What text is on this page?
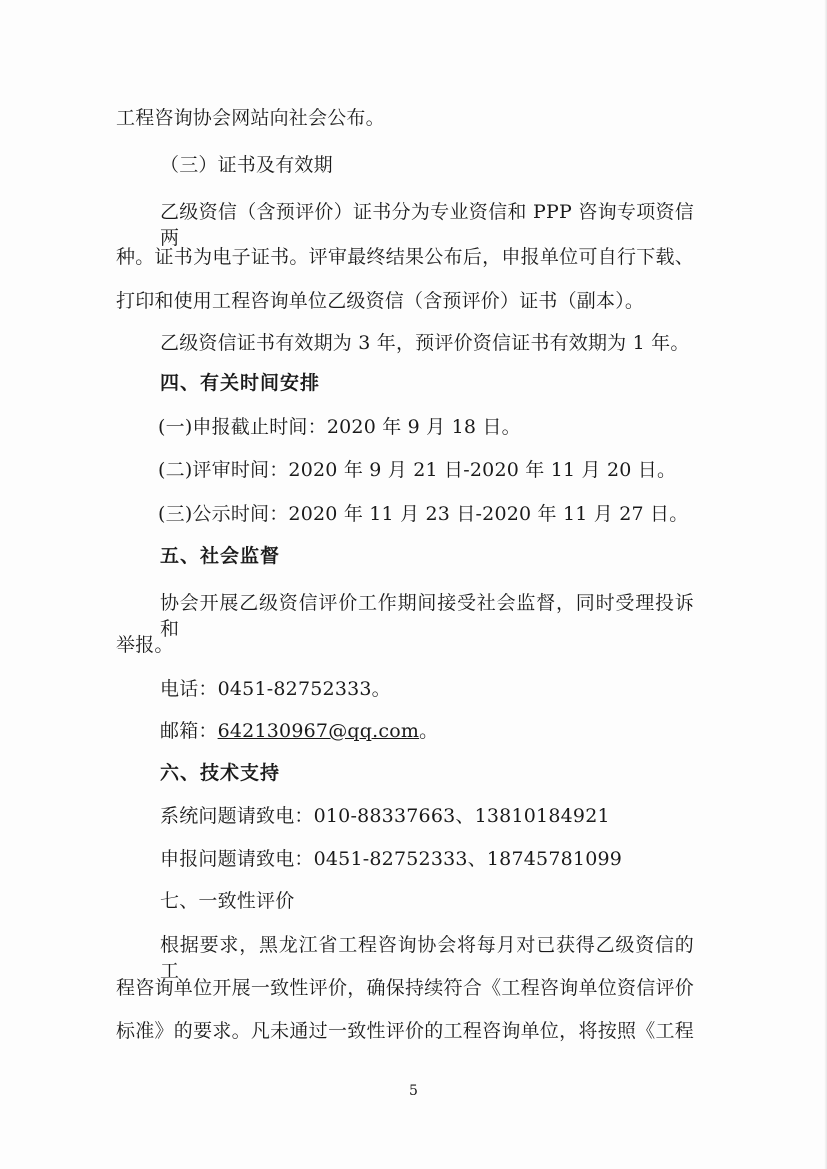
工程咨询协会网站向社会公布。
（三）证书及有效期
乙级资信（含预评价）证书分为专业资信和 PPP 咨询专项资信两
种。证书为电子证书。评审最终结果公布后，申报单位可自行下载、
打印和使用工程咨询单位乙级资信（含预评价）证书（副本）。
乙级资信证书有效期为 3 年，预评价资信证书有效期为 1 年。
四、有关时间安排
(一)申报截止时间：2020 年 9 月 18 日。
(二)评审时间：2020 年 9 月 21 日-2020 年 11 月 20 日。
(三)公示时间：2020 年 11 月 23 日-2020 年 11 月 27 日。
五、社会监督
协会开展乙级资信评价工作期间接受社会监督，同时受理投诉和
举报。
电话：0451-82752333。
邮箱：642130967@qq.com。
六、技术支持
系统问题请致电：010-88337663、13810184921
申报问题请致电：0451-82752333、18745781099
七、一致性评价
根据要求，黑龙江省工程咨询协会将每月对已获得乙级资信的工
程咨询单位开展一致性评价，确保持续符合《工程咨询单位资信评价
标准》的要求。凡未通过一致性评价的工程咨询单位，将按照《工程
5
